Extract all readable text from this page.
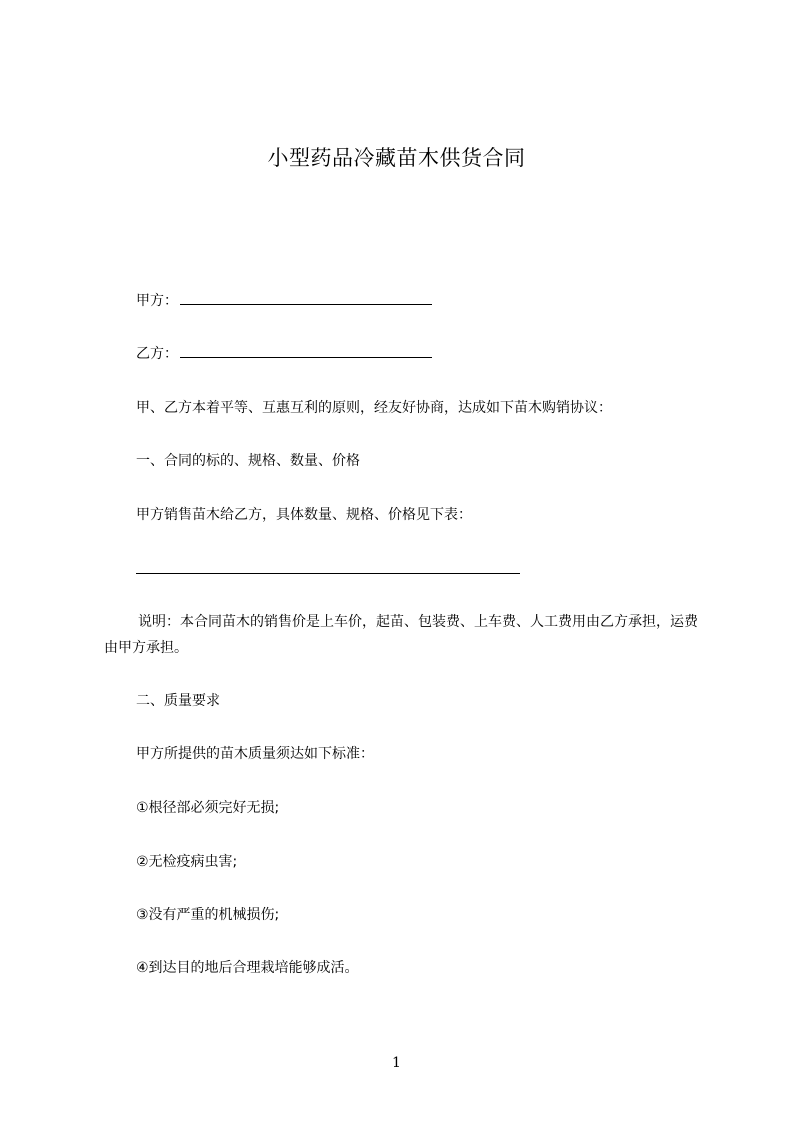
小型药品冷藏苗木供货合同
甲方：
乙方：
甲、乙方本着平等、互惠互利的原则，经友好协商，达成如下苗木购销协议：
一、合同的标的、规格、数量、价格
甲方销售苗木给乙方，具体数量、规格、价格见下表：
说明：本合同苗木的销售价是上车价，起苗、包装费、上车费、人工费用由乙方承担，运费由甲方承担。
二、质量要求
甲方所提供的苗木质量须达如下标准：
①根径部必须完好无损;
②无检疫病虫害;
③没有严重的机械损伤;
④到达目的地后合理栽培能够成活。
1
